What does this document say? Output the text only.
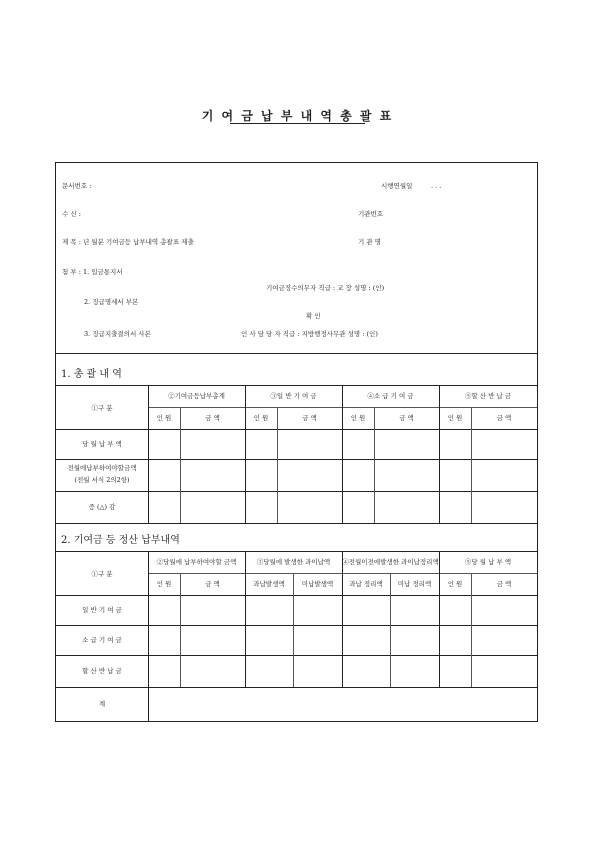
기 여 금 납 부 내 역 총 괄 표
문서번호 :	시행연월일	. . .
수 신 :	기관번호
제 목 : 년 월분 기여금등 납부내역 총괄표 제출	기 관 명
첨 부 : 1. 입금통지서
기여금징수의무자 직급 : 교 장 성명 : (인)
2. 징급명세서 부본
확 인
3. 징급지출결의서 사본	인 사 담 당 자 직급 : 지방행정사무관 성명 : (인)
1. 총 괄 내 역
①구 분
②기여금등납부총계	③일 반 기 여 금	④소 급 기 여 금	⑤할 산 반 납 금
인 원	금 액	인 원	금 액	인 원	금 액	인 원	금 액
당 월 납 부 액
전월에납부하여야할금액
(전월 서식 2의2항)
증 (△) 감
2. 기여금 등 정산 납부내역
①구 분
②당월에 납부하여야할 금액	③당월에 발생한 과이납액	④전월이전에발생한 과이납정리액	⑤당 월 납 부 액
인 원	금 액	과납발생액	미납발생액	과납 정리액	미납 정리액	인 원	금 액
일 반 기 여 금
소 급 기 여 금
할 산 반 납 금
계
